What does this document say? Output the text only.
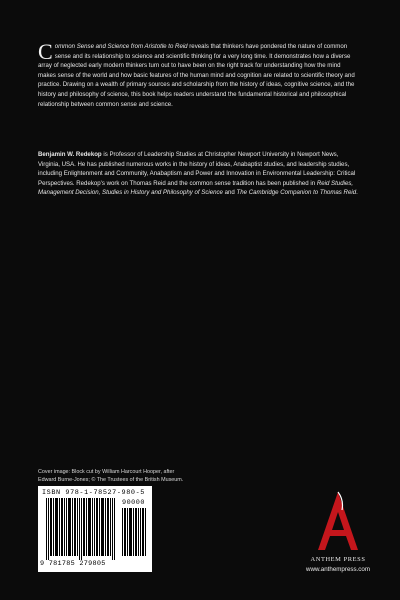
Common Sense and Science from Aristotle to Reid reveals that thinkers have pondered the nature of common sense and its relationship to science and scientific thinking for a very long time. It demonstrates how a diverse array of neglected early modern thinkers turn out to have been on the right track for understanding how the mind makes sense of the world and how basic features of the human mind and cognition are related to scientific theory and practice. Drawing on a wealth of primary sources and scholarship from the history of ideas, cognitive science, and the history and philosophy of science, this book helps readers understand the fundamental historical and philosophical relationship between common sense and science.
Benjamin W. Redekop is Professor of Leadership Studies at Christopher Newport University in Newport News, Virginia, USA. He has published numerous works in the history of ideas, Anabaptist studies, and leadership studies, including Enlightenment and Community, Anabaptism and Power and Innovation in Environmental Leadership: Critical Perspectives. Redekop's work on Thomas Reid and the common sense tradition has been published in Reid Studies, Management Decision, Studies in History and Philosophy of Science and The Cambridge Companion to Thomas Reid.
Cover image: Block cut by William Harcourt Hooper, after
Edward Burne-Jones; © The Trustees of the British Museum.
ISBN 978-1-78527-980-5
90000
9 781785 279805
ANTHEM PRESS
www.anthempress.com
